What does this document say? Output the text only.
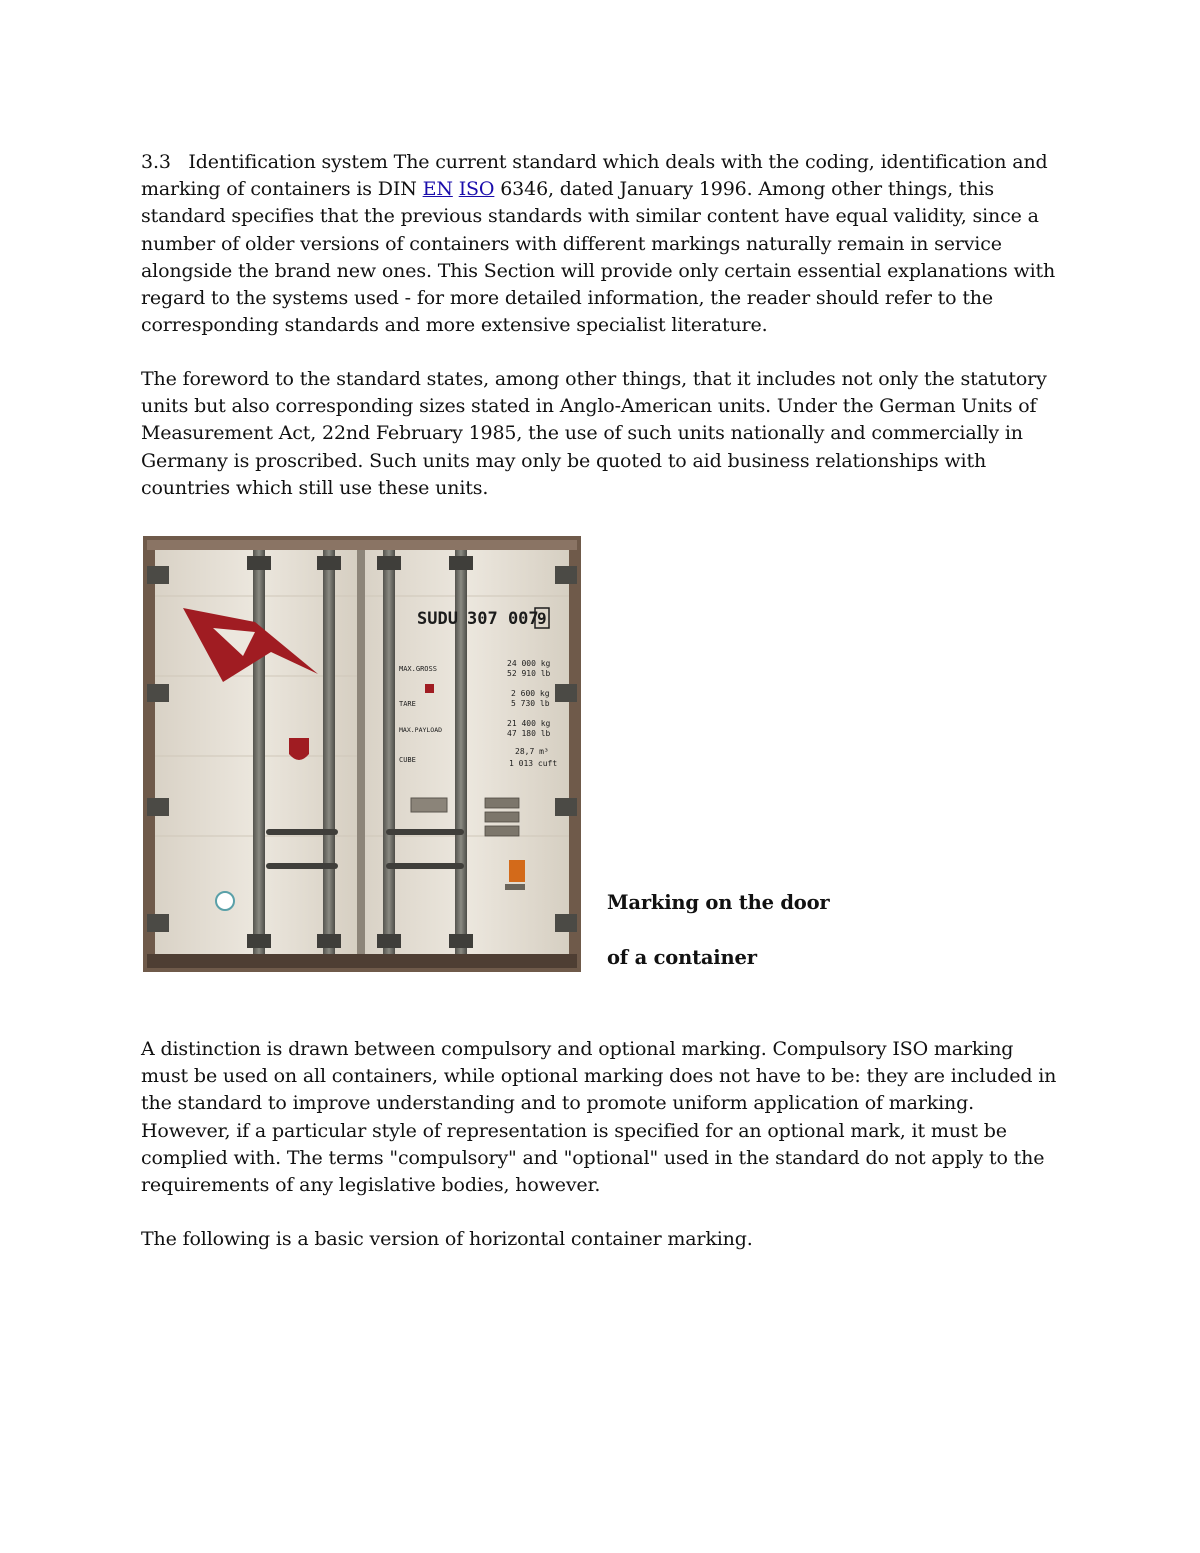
3.3   Identification system The current standard which deals with the coding, identification and marking of containers is DIN EN ISO 6346, dated January 1996. Among other things, this standard specifies that the previous standards with similar content have equal validity, since a number of older versions of containers with different markings naturally remain in service alongside the brand new ones. This Section will provide only certain essential explanations with regard to the systems used - for more detailed information, the reader should refer to the corresponding standards and more extensive specialist literature.

The foreword to the standard states, among other things, that it includes not only the statutory units but also corresponding sizes stated in Anglo-American units. Under the German Units of Measurement Act, 22nd February 1985, the use of such units nationally and commercially in Germany is proscribed. Such units may only be quoted to aid business relationships with countries which still use these units.

SUDU 307 007
9
MAX.GROSS
24 000 kg
52 910 lb
TARE
2 600 kg
5 730 lb
MAX.PAYLOAD
21 400 kg
47 180 lb
CUBE
28,7 m³
1 013 cuft

Marking on the door

of a container

A distinction is drawn between compulsory and optional marking. Compulsory ISO marking must be used on all containers, while optional marking does not have to be: they are included in the standard to improve understanding and to promote uniform application of marking. However, if a particular style of representation is specified for an optional mark, it must be complied with. The terms "compulsory" and "optional" used in the standard do not apply to the requirements of any legislative bodies, however.

The following is a basic version of horizontal container marking.
